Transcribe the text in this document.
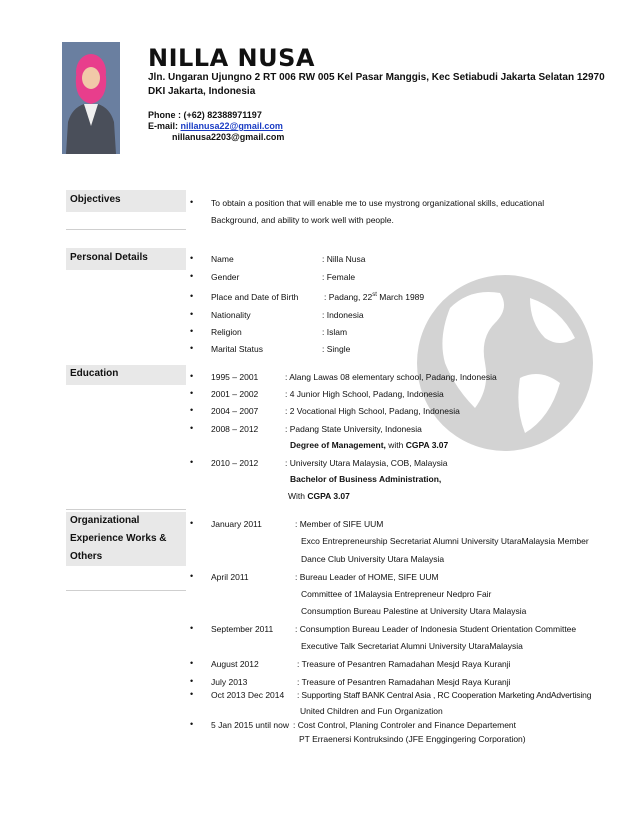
NILLA NUSA
Jln. Ungaran Ujungno 2 RT 006 RW 005 Kel Pasar Manggis, Kec Setiabudi Jakarta Selatan 12970
DKI Jakarta, Indonesia
Phone : (+62) 82388971197
E-mail: nillanusa22@gmail.com
nillanusa2203@gmail.com
Objectives	• To obtain a position that will enable me to use mystrong organizational skills, educational
Background, and ability to work well with people.
Personal Details	• Name	: Nilla Nusa
• Gender	: Female
• Place and Date of Birth	: Padang, 22st March 1989
• Nationality	: Indonesia
• Religion	: Islam
• Marital Status	: Single
Education	• 1995 – 2001	: Alang Lawas 08 elementary school, Padang, Indonesia
• 2001 – 2002	: 4 Junior High School, Padang, Indonesia
• 2004 – 2007	: 2 Vocational High School, Padang, Indonesia
• 2008 – 2012	: Padang State University, Indonesia
Degree of Management, with CGPA 3.07
• 2010 – 2012	: University Utara Malaysia, COB, Malaysia
Bachelor of Business Administration,
With CGPA 3.07
Organizational
Experience Works &
Others
• January 2011	: Member of SIFE UUM
Exco Entrepreneurship Secretariat Alumni University UtaraMalaysia Member
Dance Club University Utara Malaysia
• April 2011	: Bureau Leader of HOME, SIFE UUM
Committee of 1Malaysia Entrepreneur Nedpro Fair
Consumption Bureau Palestine at University Utara Malaysia
• September 2011	: Consumption Bureau Leader of Indonesia Student Orientation Committee
Executive Talk Secretariat Alumni University UtaraMalaysia
• August 2012	: Treasure of Pesantren Ramadahan Mesjd Raya Kuranji
• July 2013	: Treasure of Pesantren Ramadahan Mesjd Raya Kuranji
• Oct 2013 Dec 2014 : Supporting Staff BANK Central Asia , RC Cooperation Marketing AndAdvertising
United Children and Fun Organization
• 5 Jan 2015 until now : Cost Control, Planing Controler and Finance Departement
PT Erraenersi Kontruksindo (JFE Enggingering Corporation)
